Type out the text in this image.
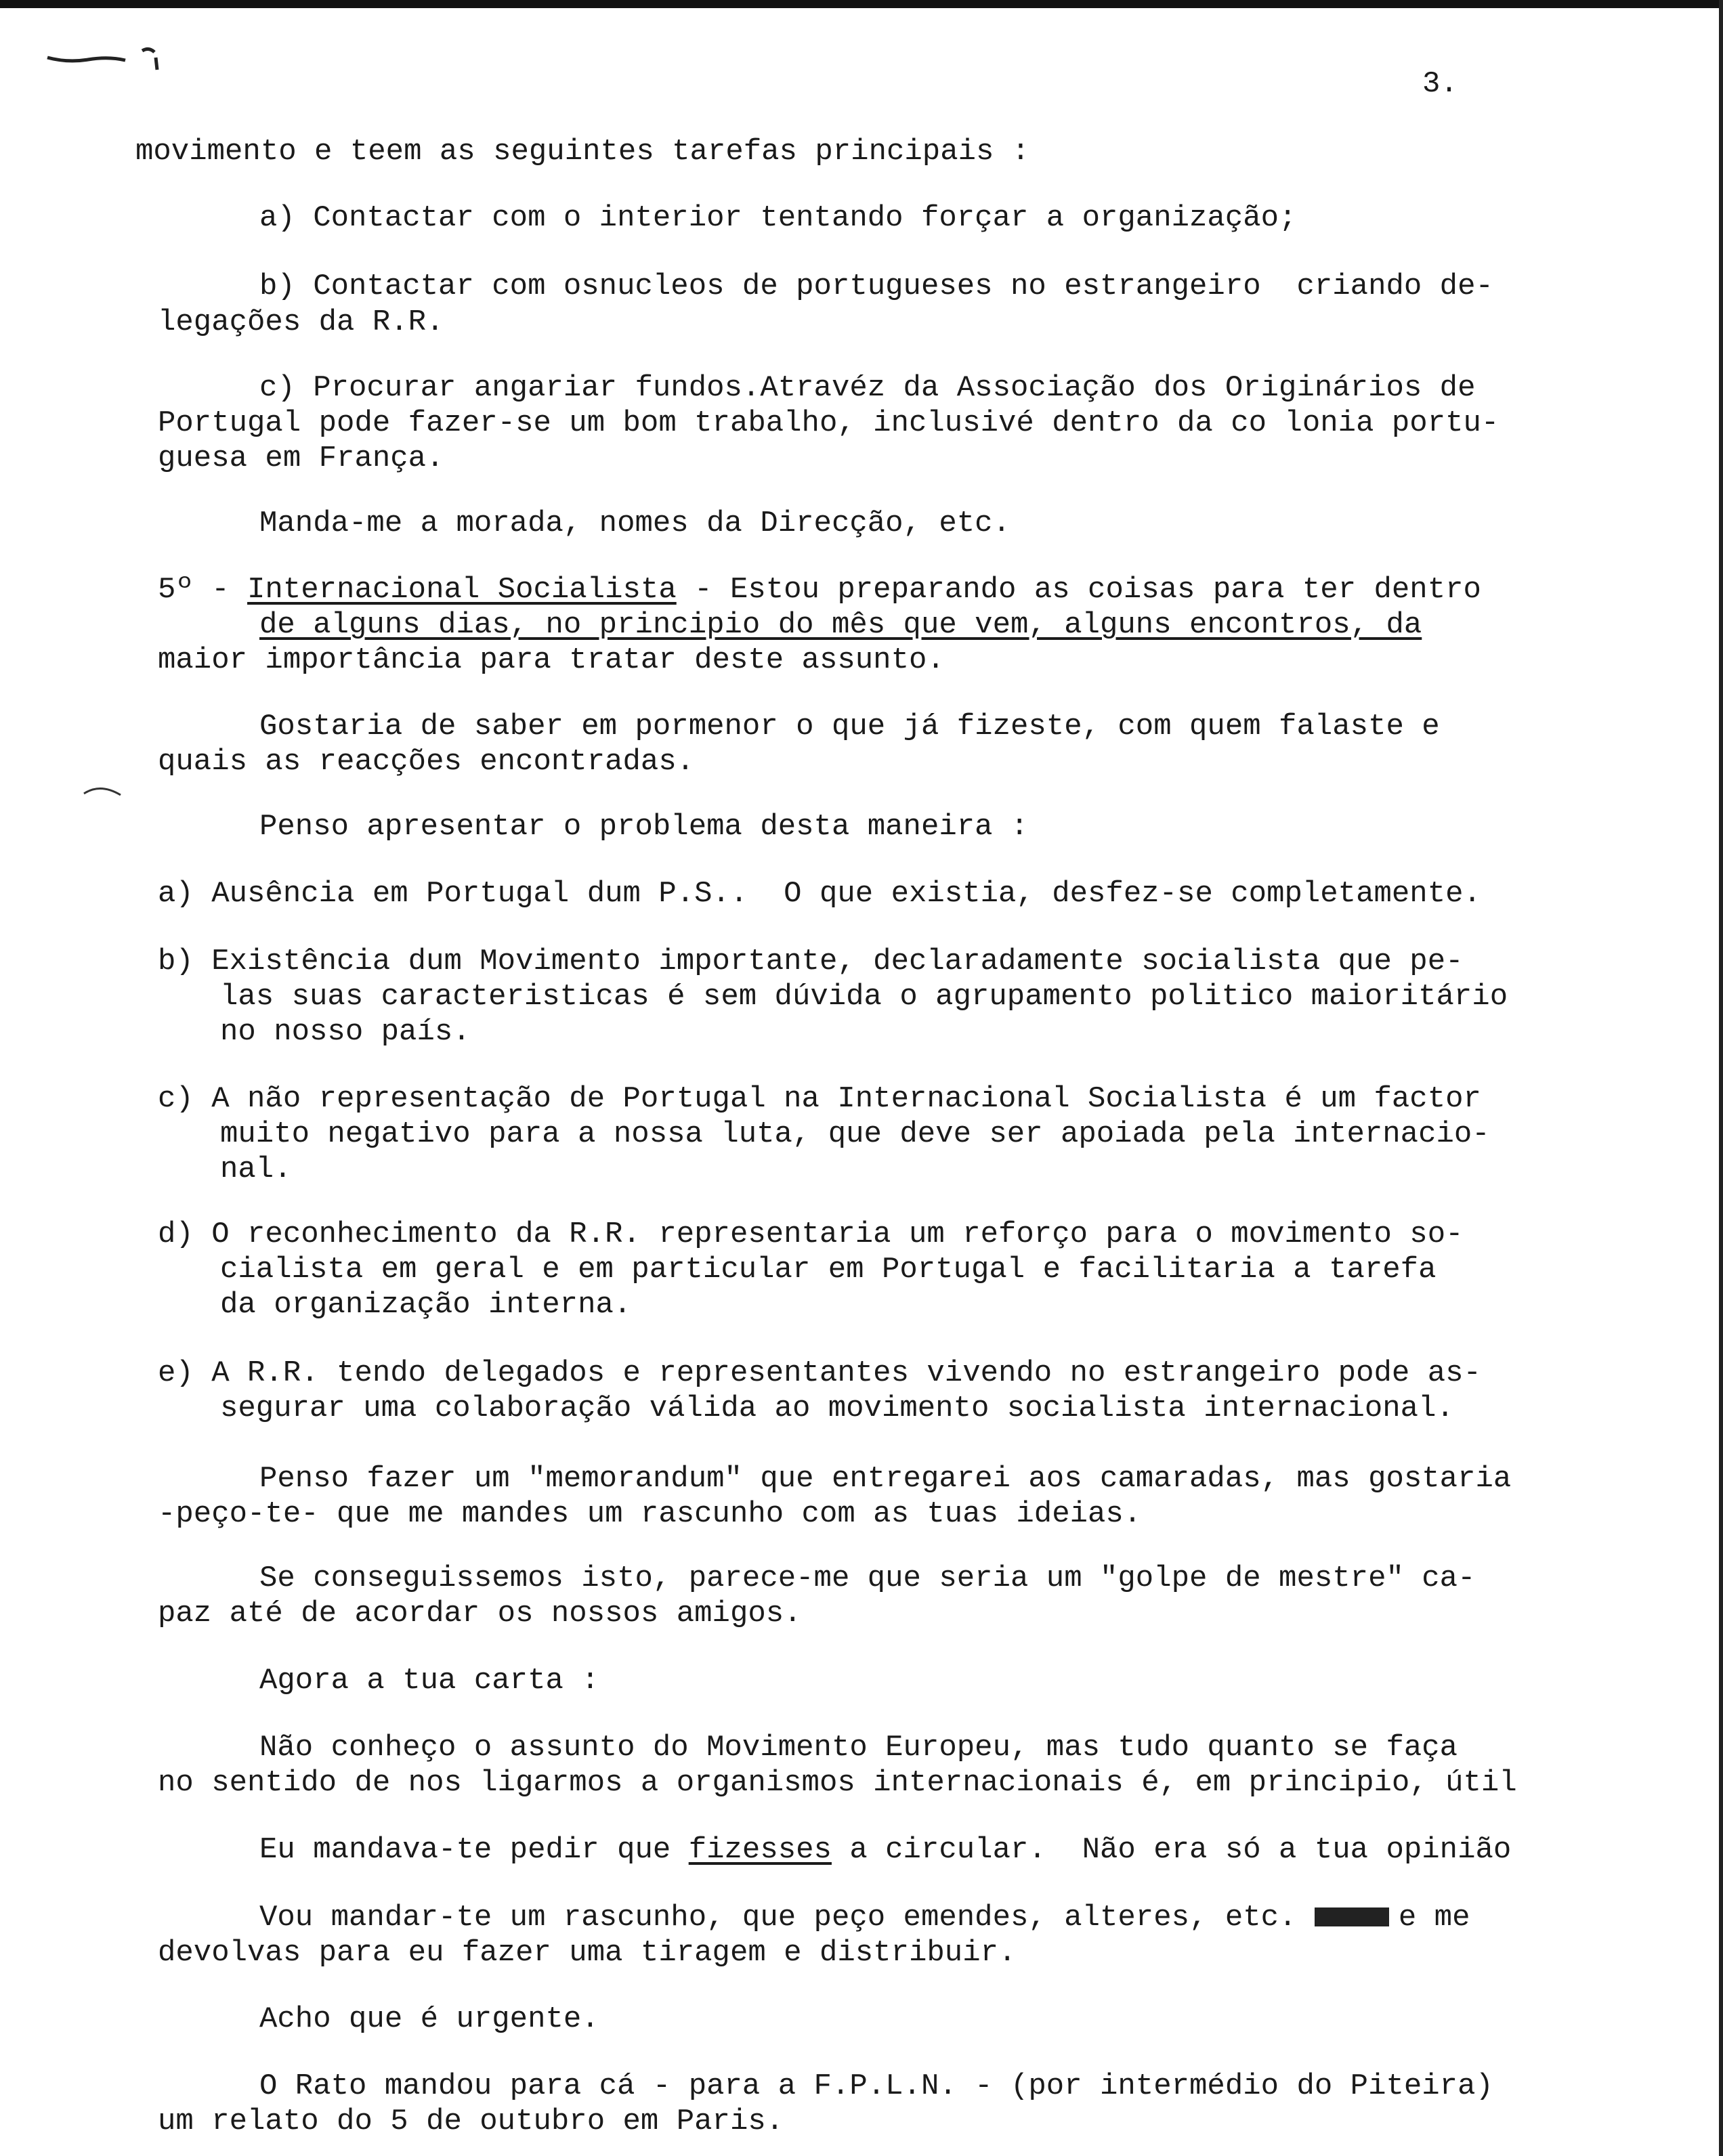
3.
movimento e teem as seguintes tarefas principais :
a) Contactar com o interior tentando forçar a organização;
b) Contactar com osnucleos de portugueses no estrangeiro  criando de-
legações da R.R.
c) Procurar angariar fundos.Atravéz da Associação dos Originários de
Portugal pode fazer-se um bom trabalho, inclusivé dentro da co lonia portu-
guesa em França.
Manda-me a morada, nomes da Direcção, etc.
5º - Internacional Socialista - Estou preparando as coisas para ter dentro
de alguns dias, no principio do mês que vem, alguns encontros, da
maior importância para tratar deste assunto.
Gostaria de saber em pormenor o que já fizeste, com quem falaste e
quais as reacções encontradas.
Penso apresentar o problema desta maneira :
a) Ausência em Portugal dum P.S..  O que existia, desfez-se completamente.
b) Existência dum Movimento importante, declaradamente socialista que pe-
las suas caracteristicas é sem dúvida o agrupamento politico maioritário
no nosso país.
c) A não representação de Portugal na Internacional Socialista é um factor
muito negativo para a nossa luta, que deve ser apoiada pela internacio-
nal.
d) O reconhecimento da R.R. representaria um reforço para o movimento so-
cialista em geral e em particular em Portugal e facilitaria a tarefa
da organização interna.
e) A R.R. tendo delegados e representantes vivendo no estrangeiro pode as-
segurar uma colaboração válida ao movimento socialista internacional.
Penso fazer um "memorandum" que entregarei aos camaradas, mas gostaria
-peço-te- que me mandes um rascunho com as tuas ideias.
Se conseguissemos isto, parece-me que seria um "golpe de mestre" ca-
paz até de acordar os nossos amigos.
Agora a tua carta :
Não conheço o assunto do Movimento Europeu, mas tudo quanto se faça
no sentido de nos ligarmos a organismos internacionais é, em principio, útil
Eu mandava-te pedir que fizesses a circular.  Não era só a tua opinião
Vou mandar-te um rascunho, que peço emendes, alteres, etc.	e me
devolvas para eu fazer uma tiragem e distribuir.
Acho que é urgente.
O Rato mandou para cá - para a F.P.L.N. - (por intermédio do Piteira)
um relato do 5 de outubro em Paris.
